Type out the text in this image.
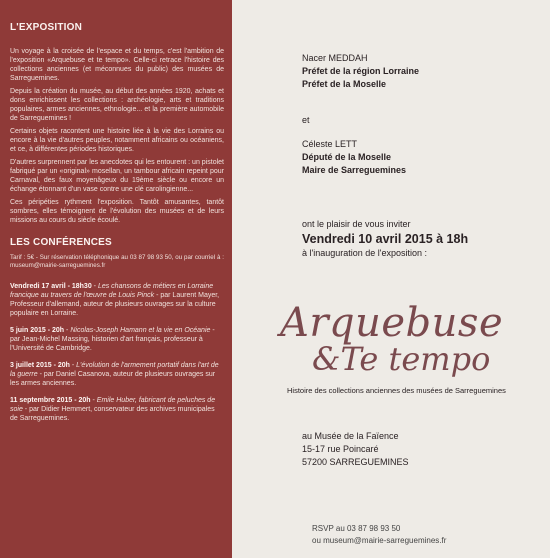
L'EXPOSITION

Un voyage à la croisée de l'espace et du temps, c'est l'ambition de l'exposition «Arquebuse et te tempo». Celle-ci retrace l'histoire des collections anciennes (et méconnues du public) des musées de Sarreguemines.

Depuis la création du musée, au début des années 1920, achats et dons enrichissent les collections : archéologie, arts et traditions populaires, armes anciennes, ethnologie... et la première automobile de Sarreguemines !

Certains objets racontent une histoire liée à la vie des Lorrains ou encore à la vie d'autres peuples, notamment africains ou océaniens, et ce, à différentes périodes historiques.

D'autres surprennent par les anecdotes qui les entourent : un pistolet fabriqué par un «original» mosellan, un tambour africain repeint pour Carnaval, des faux moyenâgeux du 19ème siècle ou encore un échange étonnant d'un vase contre une clé carolingienne...

Ces péripéties rythment l'exposition. Tantôt amusantes, tantôt sombres, elles témoignent de l'évolution des musées et de leurs missions au cours du siècle écoulé.

LES CONFÉRENCES

Tarif : 5€ - Sur réservation téléphonique au 03 87 98 93 50, ou par courriel à : museum@mairie-sarreguemines.fr

Vendredi 17 avril - 18h30 - Les chansons de métiers en Lorraine francique au travers de l'œuvre de Louis Pinck - par Laurent Mayer, Professeur d'allemand, auteur de plusieurs ouvrages sur la culture populaire en Lorraine.
5 juin 2015 - 20h - Nicolas-Joseph Hamann et la vie en Océanie - par Jean-Michel Massing, historien d'art français, professeur à l'Université de Cambridge.
3 juillet 2015 - 20h - L'évolution de l'armement portatif dans l'art de la guerre - par Daniel Casanova, auteur de plusieurs ouvrages sur les armes anciennes.
11 septembre 2015 - 20h - Emile Huber, fabricant de peluches de soie - par Didier Hemmert, conservateur des archives municipales de Sarreguemines.
Nacer MEDDAH
Préfet de la région Lorraine
Préfet de la Moselle
et
Céleste LETT
Député de la Moselle
Maire de Sarreguemines
ont le plaisir de vous inviter
Vendredi 10 avril 2015 à 18h
à l'inauguration de l'exposition :
Arquebuse
&Te tempo
Histoire des collections anciennes des musées de Sarreguemines
au Musée de la Faïence
15-17 rue Poincaré
57200 SARREGUEMINES
RSVP au 03 87 98 93 50
ou museum@mairie-sarreguemines.fr
